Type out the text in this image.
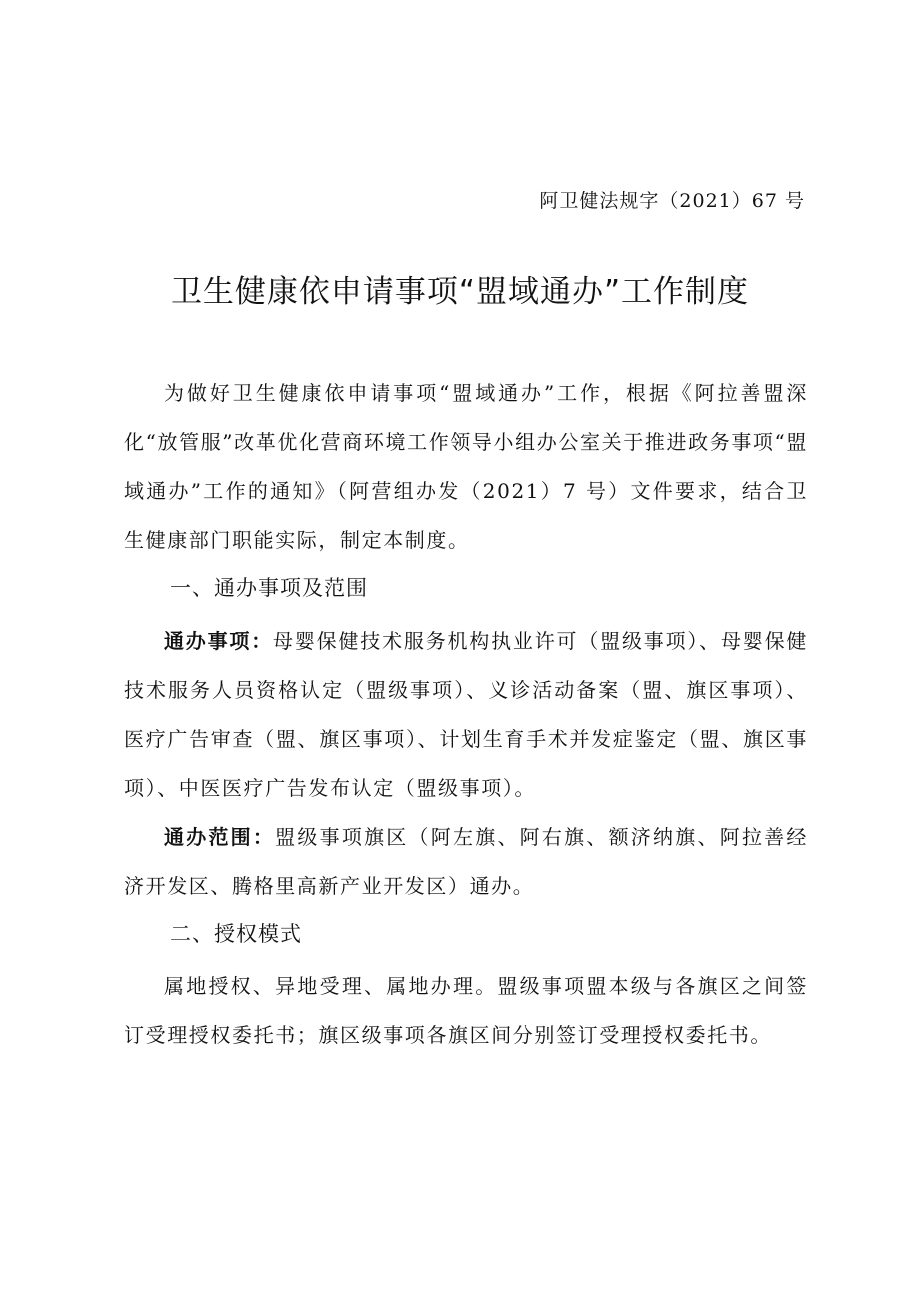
阿卫健法规字（2021）67 号
卫生健康依申请事项“盟域通办”工作制度

为做好卫生健康依申请事项“盟域通办”工作，根据《阿拉善盟深化“放管服”改革优化营商环境工作领导小组办公室关于推进政务事项“盟域通办”工作的通知》（阿营组办发（2021）7 号）文件要求，结合卫生健康部门职能实际，制定本制度。

一、通办事项及范围

通办事项：母婴保健技术服务机构执业许可（盟级事项）、母婴保健技术服务人员资格认定（盟级事项）、义诊活动备案（盟、旗区事项）、医疗广告审查（盟、旗区事项）、计划生育手术并发症鉴定（盟、旗区事项）、中医医疗广告发布认定（盟级事项）。

通办范围：盟级事项旗区（阿左旗、阿右旗、额济纳旗、阿拉善经济开发区、腾格里高新产业开发区）通办。

二、授权模式

属地授权、异地受理、属地办理。盟级事项盟本级与各旗区之间签订受理授权委托书；旗区级事项各旗区间分别签订受理授权委托书。
